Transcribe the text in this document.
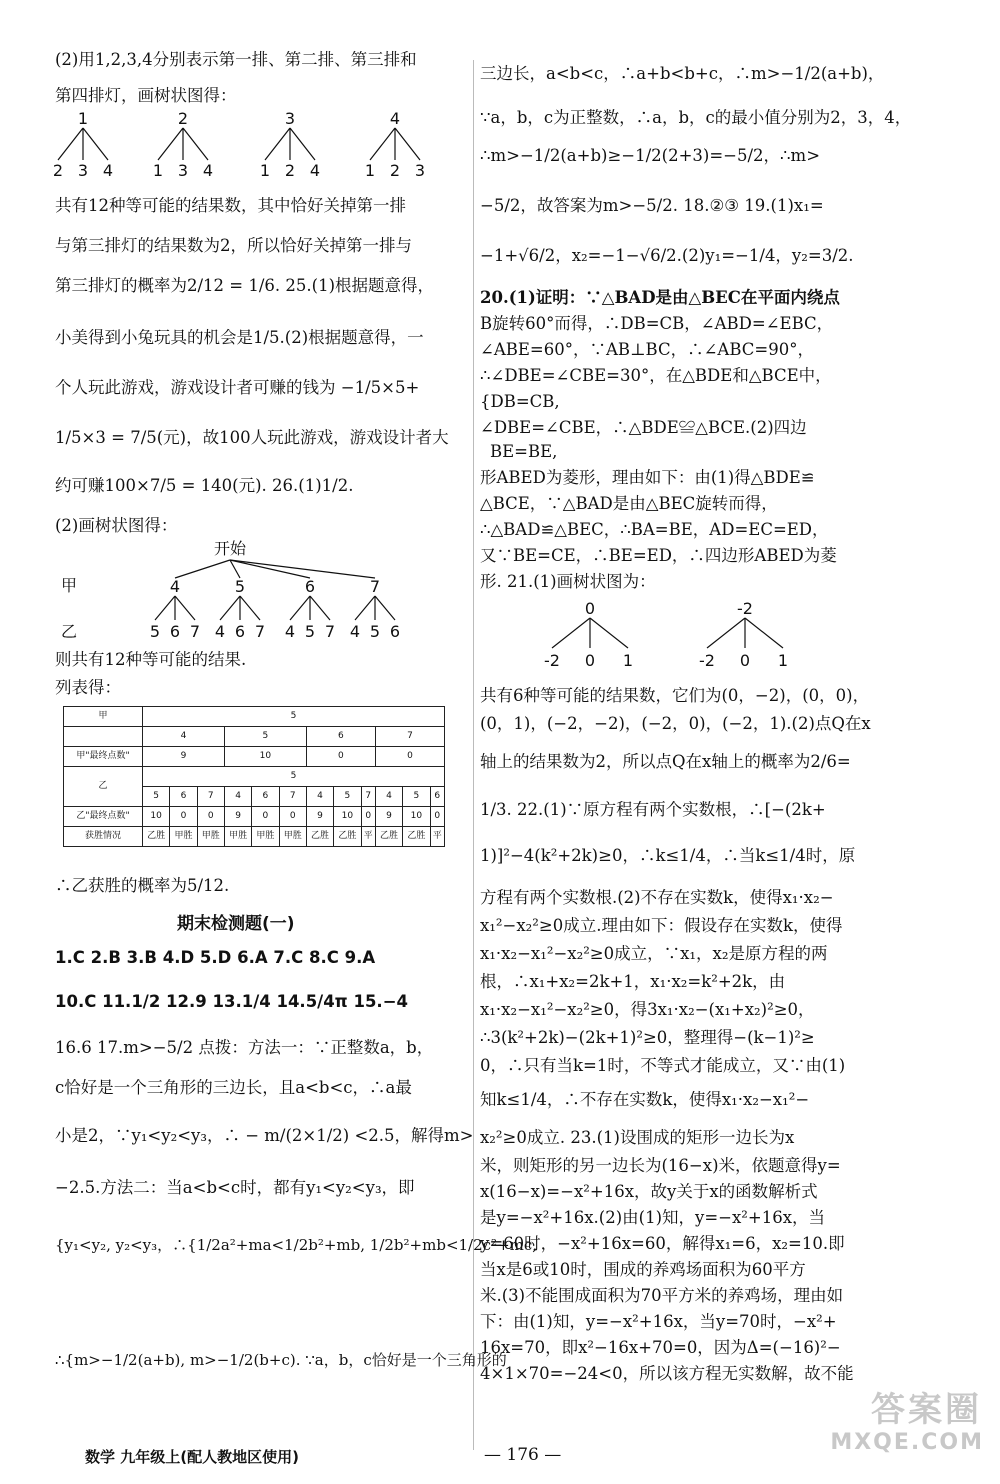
(2)用1,2,3,4分别表示第一排、第二排、第三排和
第四排灯，画树状图得：
1
2 3 4
2
1 3 4
3
1 2 4
4
1 2 3
共有12种等可能的结果数，其中恰好关掉第一排
与第三排灯的结果数为2，所以恰好关掉第一排与
第三排灯的概率为2/12 = 1/6. 25.(1)根据题意得，
小美得到小兔玩具的机会是1/5.(2)根据题意得，一
个人玩此游戏，游戏设计者可赚的钱为 −1/5×5+
1/5×3 = 7/5(元)，故100人玩此游戏，游戏设计者大
约可赚100×7/5 = 140(元). 26.(1)1/2.
(2)画树状图得：
开始
甲
乙
4
5 6 7
5
4 6 7
6
4 5 7
7
4 5 6
则共有12种等可能的结果.
列表得：
甲	5											
	4			5			6			7		
甲"最终点数"	9			10			0			0		
乙	5											
	5	6	7	4	6	7	4	5	7	4	5	6
乙"最终点数"	10	0	0	9	0	0	9	10	0	9	10	0
获胜情况	乙胜	甲胜	甲胜	甲胜	甲胜	甲胜	乙胜	乙胜	平	乙胜	乙胜	平
∴乙获胜的概率为5/12.
期末检测题(一)
1.C 2.B 3.B 4.D 5.D 6.A 7.C 8.C 9.A
10.C 11.1/2 12.9 13.1/4 14.5/4π 15.−4
16.6 17.m>−5/2 点拨：方法一：∵正整数a，b，
c恰好是一个三角形的三边长，且a<b<c，∴a最
小是2，∵y₁<y₂<y₃，∴ − m/(2×1/2) <2.5，解得m>
−2.5.方法二：当a<b<c时，都有y₁<y₂<y₃，即
{y₁<y₂, y₂<y₃，∴{1/2a²+ma<1/2b²+mb, 1/2b²+mb<1/2c²+mc,
∴{m>−1/2(a+b), m>−1/2(b+c). ∵a，b，c恰好是一个三角形的
三边长，a<b<c，∴a+b<b+c，∴m>−1/2(a+b)，
∵a，b，c为正整数，∴a，b，c的最小值分别为2，3，4，
∴m>−1/2(a+b)≥−1/2(2+3)=−5/2，∴m>
−5/2，故答案为m>−5/2. 18.②③ 19.(1)x₁=
−1+√6/2，x₂=−1−√6/2.(2)y₁=−1/4，y₂=3/2.
20.(1)证明：∵△BAD是由△BEC在平面内绕点
B旋转60°而得，∴DB=CB，∠ABD=∠EBC，
∠ABE=60°，∵AB⊥BC，∴∠ABC=90°，
∴∠DBE=∠CBE=30°，在△BDE和△BCE中，
{DB=CB,
∠DBE=∠CBE，∴△BDE≌△BCE.(2)四边
BE=BE,
形ABED为菱形，理由如下：由(1)得△BDE≌
△BCE，∵△BAD是由△BEC旋转而得，
∴△BAD≌△BEC，∴BA=BE，AD=EC=ED，
又∵BE=CE，∴BE=ED，∴四边形ABED为菱
形. 21.(1)画树状图为：
0
-2 0 1
-2
-2 0 1
共有6种等可能的结果数，它们为(0，−2)，(0，0)，
(0，1)，(−2，−2)，(−2，0)，(−2，1).(2)点Q在x
轴上的结果数为2，所以点Q在x轴上的概率为2/6=
1/3. 22.(1)∵原方程有两个实数根，∴[−(2k+
1)]²−4(k²+2k)≥0，∴k≤1/4，∴当k≤1/4时，原
方程有两个实数根.(2)不存在实数k，使得x₁·x₂−
x₁²−x₂²≥0成立.理由如下：假设存在实数k，使得
x₁·x₂−x₁²−x₂²≥0成立，∵x₁，x₂是原方程的两
根，∴x₁+x₂=2k+1，x₁·x₂=k²+2k，由
x₁·x₂−x₁²−x₂²≥0，得3x₁·x₂−(x₁+x₂)²≥0，
∴3(k²+2k)−(2k+1)²≥0，整理得−(k−1)²≥
0，∴只有当k=1时，不等式才能成立，又∵由(1)
知k≤1/4，∴不存在实数k，使得x₁·x₂−x₁²−
x₂²≥0成立. 23.(1)设围成的矩形一边长为x
米，则矩形的另一边长为(16−x)米，依题意得y=
x(16−x)=−x²+16x，故y关于x的函数解析式
是y=−x²+16x.(2)由(1)知，y=−x²+16x，当
y=60时，−x²+16x=60，解得x₁=6，x₂=10.即
当x是6或10时，围成的养鸡场面积为60平方
米.(3)不能围成面积为70平方米的养鸡场，理由如
下：由(1)知，y=−x²+16x，当y=70时，−x²+
16x=70，即x²−16x+70=0，因为Δ=(−16)²−
4×1×70=−24<0，所以该方程无实数解，故不能
数学 九年级上(配人教地区使用)	— 176 —
答案圈
MXQE.COM
